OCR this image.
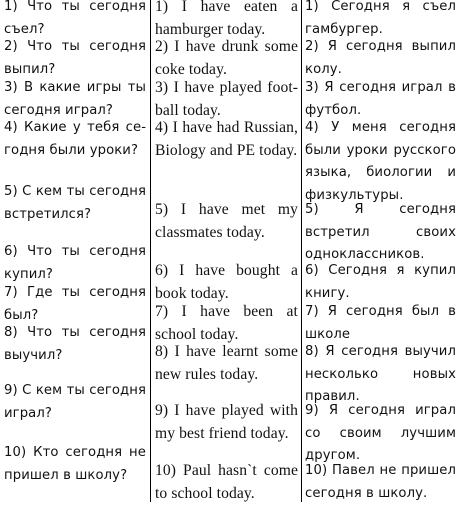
1) Что ты сегодня съел?

2) Что ты сегодня выпил?

3) В какие игры ты сегодня играл?

4) Какие у тебя сегодня были уроки?

5) С кем ты сегодня встретился?

6) Что ты сегодня купил?

7) Где ты сегодня был?

8) Что ты сегодня выучил?

9) С кем ты сегодня играл?

10) Кто сегодня не пришел в школу?

1) I have eaten a hamburger today.

2) I have drunk some coke today.

3) I have played football today.

4) I have had Russian, Biology and PE today.

5) I have met my classmates today.

6) I have bought a book today.

7) I have been at school today.

8) I have learnt some new rules today.

9) I have played with my best friend today.

10) Paul hasn`t come to school today.

1) Сегодня я съел гамбургер.

2) Я сегодня выпил колу.

3) Я сегодня играл в футбол.

4) У меня сегодня были уроки русского языка, биологии и физкультуры.

5) Я сегодня встретил своих одноклассников.

6) Сегодня я купил книгу.

7) Я сегодня был в школе

8) Я сегодня выучил несколько новых правил.

9) Я сегодня играл со своим лучшим другом.

10) Павел не пришел сегодня в школу.
